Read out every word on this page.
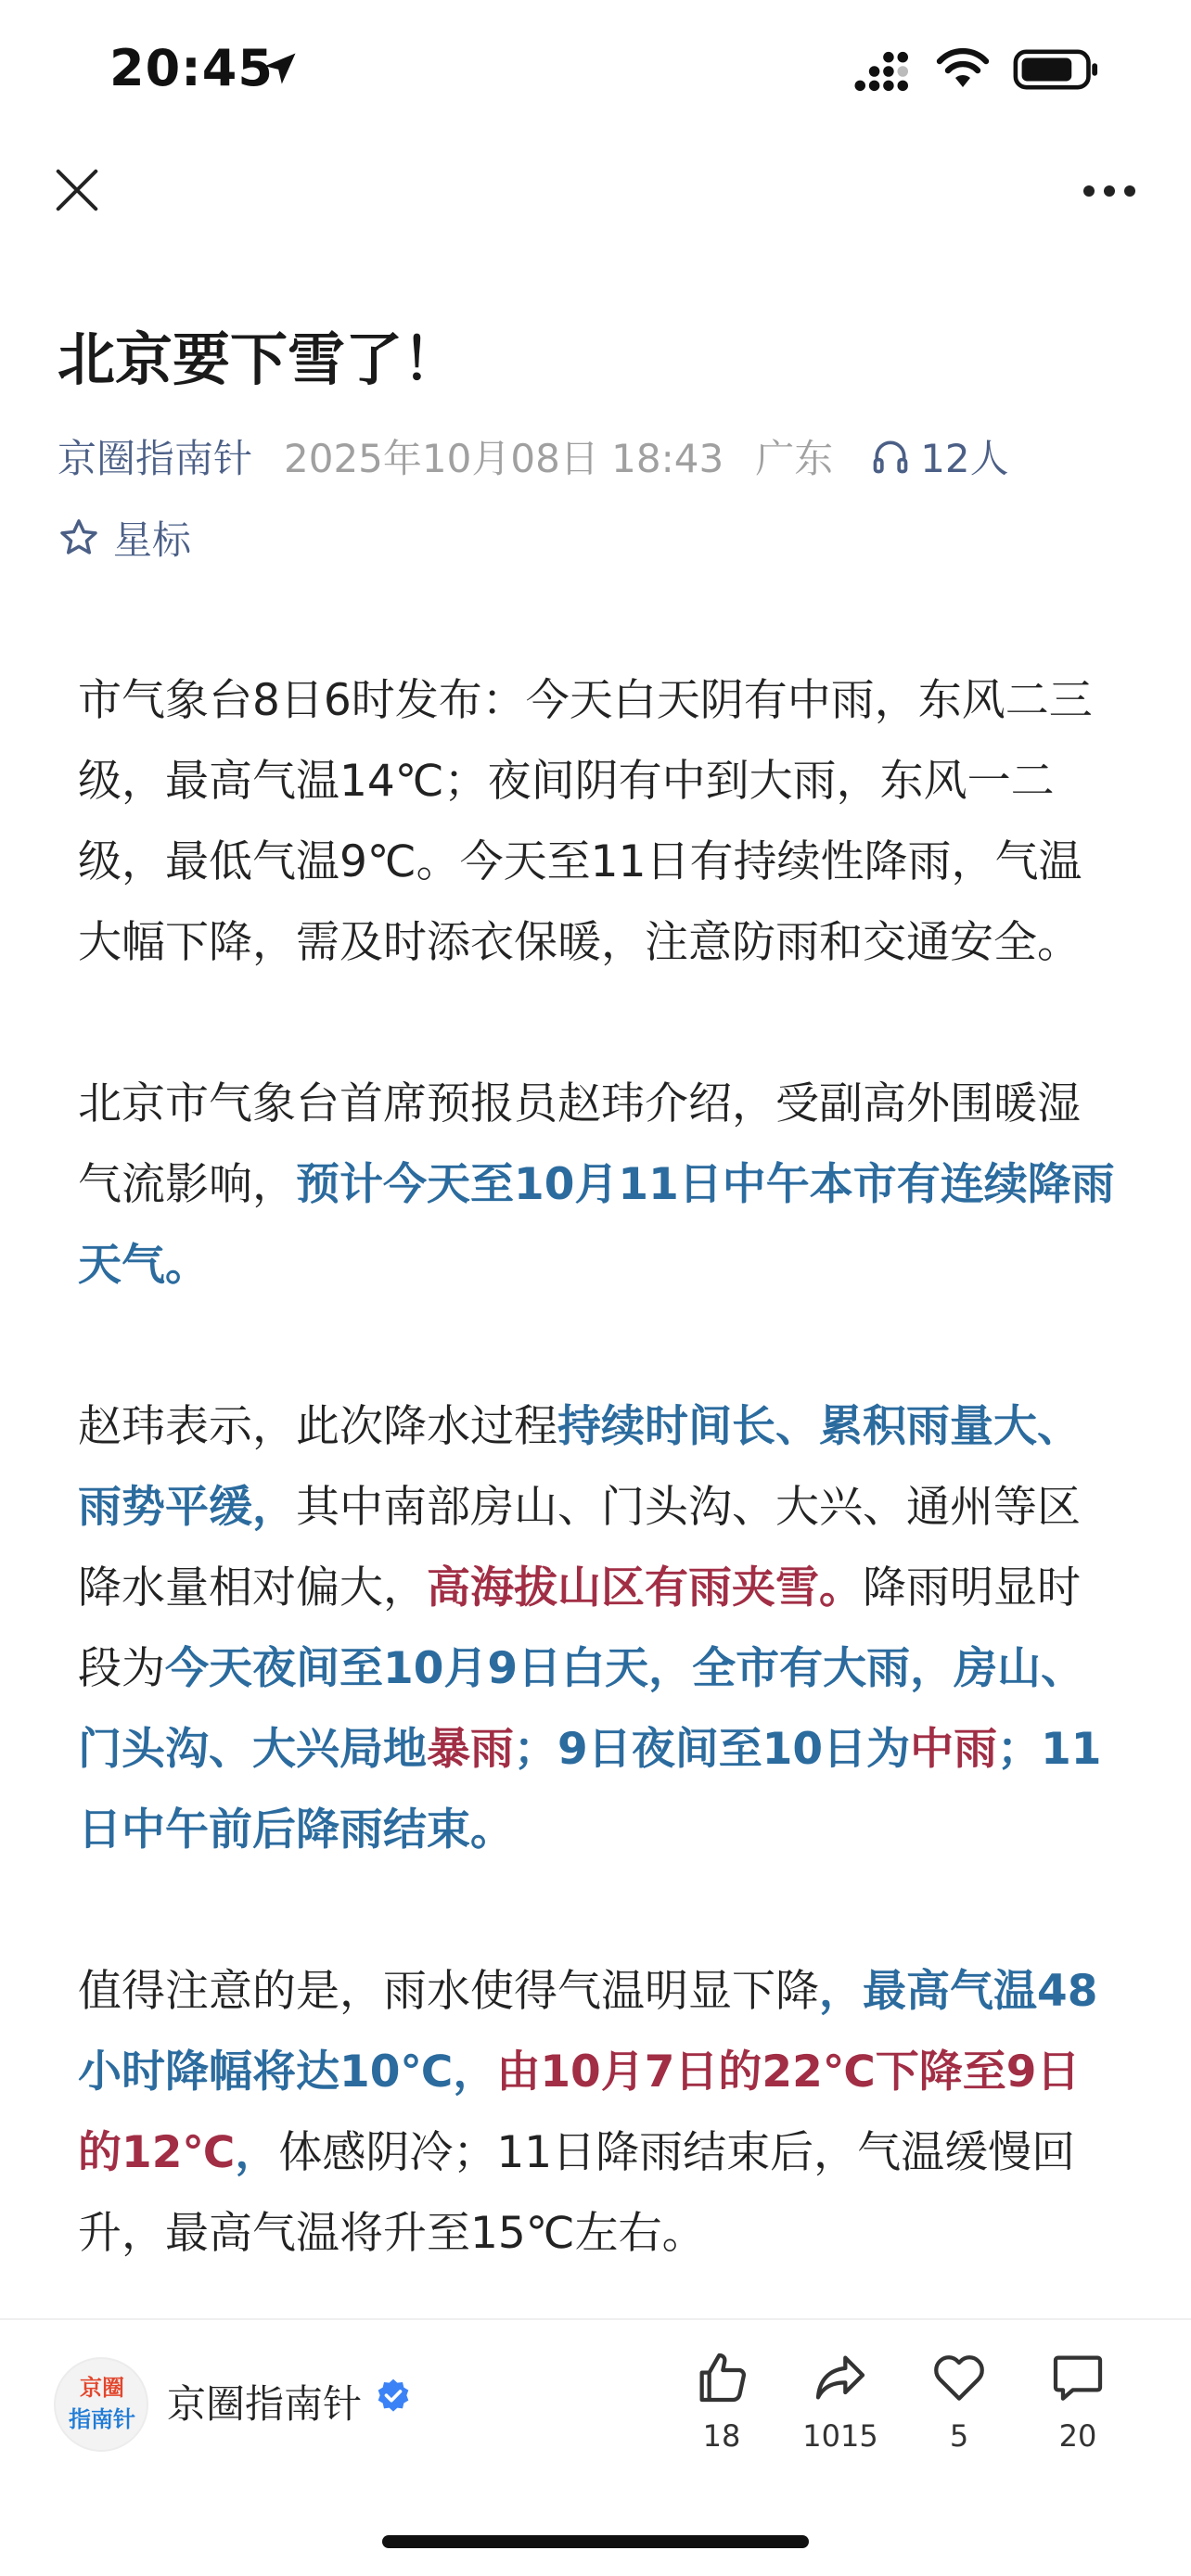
20:45
北京要下雪了！
京圈指南针 2025年10月08日 18:43 广东 12人
星标

市气象台8日6时发布：今天白天阴有中雨，东风二三级，最高气温14℃；夜间阴有中到大雨，东风一二级，最低气温9℃。今天至11日有持续性降雨，气温大幅下降，需及时添衣保暖，注意防雨和交通安全。

北京市气象台首席预报员赵玮介绍，受副高外围暖湿气流影响，预计今天至10月11日中午本市有连续降雨天气。

赵玮表示，此次降水过程持续时间长、累积雨量大、雨势平缓，其中南部房山、门头沟、大兴、通州等区降水量相对偏大，高海拔山区有雨夹雪。降雨明显时段为今天夜间至10月9日白天，全市有大雨，房山、门头沟、大兴局地暴雨；9日夜间至10日为中雨；11日中午前后降雨结束。

值得注意的是，雨水使得气温明显下降，最高气温48小时降幅将达10℃，由10月7日的22℃下降至9日的12℃，体感阴冷；11日降雨结束后，气温缓慢回升，最高气温将升至15℃左右。

京圈
指南针 京圈指南针
18	1015	5	20
